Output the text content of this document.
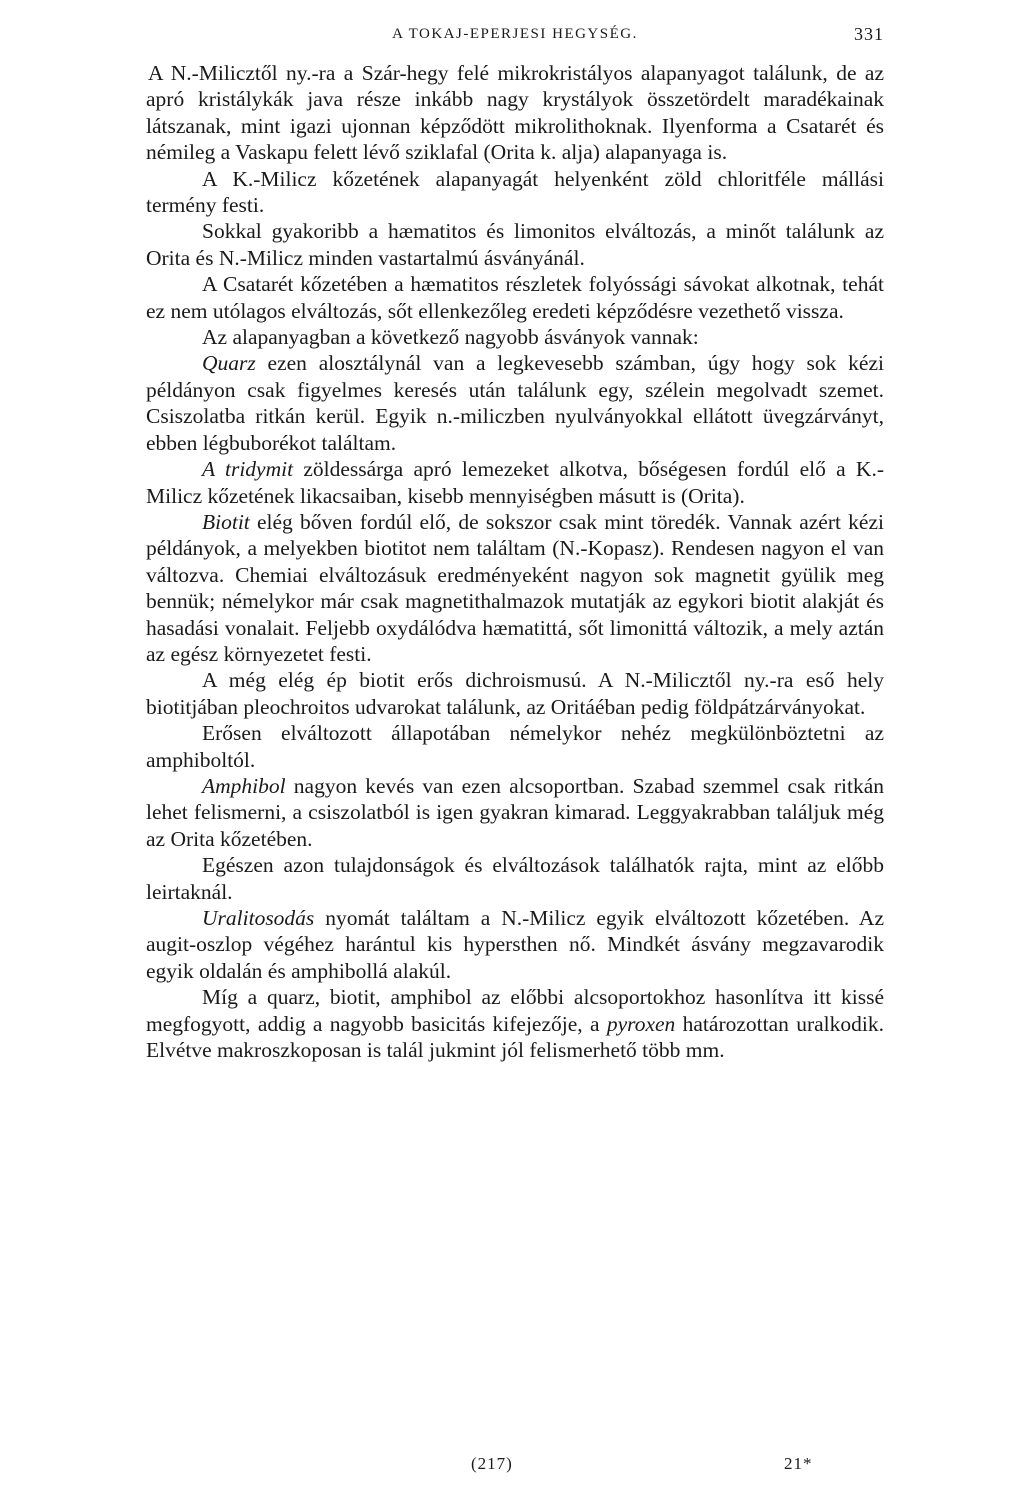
A TOKAJ-EPERJESI HEGYSÉG.	331

A N.-Milicztől ny.-ra a Szár-hegy felé mikrokristályos alapanyagot találunk, de az apró kristálykák java része inkább nagy krystályok összetördelt maradékainak látszanak, mint igazi ujonnan képződött mikrolithoknak. Ilyenforma a Csatarét és némileg a Vaskapu felett lévő sziklafal (Orita k. alja) alapanyaga is.

A K.-Milicz kőzetének alapanyagát helyenként zöld chloritféle mállási termény festi.

Sokkal gyakoribb a hæmatitos és limonitos elváltozás, a minőt találunk az Orita és N.-Milicz minden vastartalmú ásványánál.

A Csatarét kőzetében a hæmatitos részletek folyóssági sávokat alkotnak, tehát ez nem utólagos elváltozás, sőt ellenkezőleg eredeti képződésre vezethető vissza.

Az alapanyagban a következő nagyobb ásványok vannak:

Quarz ezen alosztálynál van a legkevesebb számban, úgy hogy sok kézi példányon csak figyelmes keresés után találunk egy, szélein megolvadt szemet. Csiszolatba ritkán kerül. Egyik n.-miliczben nyulványokkal ellátott üvegzárványt, ebben légbuborékot találtam.

A tridymit zöldessárga apró lemezeket alkotva, bőségesen fordúl elő a K.-Milicz kőzetének likacsaiban, kisebb mennyiségben másutt is (Orita).

Biotit elég bőven fordúl elő, de sokszor csak mint töredék. Vannak azért kézi példányok, a melyekben biotitot nem találtam (N.-Kopasz). Rendesen nagyon el van változva. Chemiai elváltozásuk eredményeként nagyon sok magnetit gyülik meg bennük; némelykor már csak magnetithalmazok mutatják az egykori biotit alakját és hasadási vonalait. Feljebb oxydálódva hæmatittá, sőt limonittá változik, a mely aztán az egész környezetet festi.

A még elég ép biotit erős dichroismusú. A N.-Milicztől ny.-ra eső hely biotitjában pleochroitos udvarokat találunk, az Oritáéban pedig földpátzárványokat.

Erősen elváltozott állapotában némelykor nehéz megkülönböztetni az amphiboltól.

Amphibol nagyon kevés van ezen alcsoportban. Szabad szemmel csak ritkán lehet felismerni, a csiszolatból is igen gyakran kimarad. Leggyakrabban találjuk még az Orita kőzetében.

Egészen azon tulajdonságok és elváltozások találhatók rajta, mint az előbb leirtaknál.

Uralitosodás nyomát találtam a N.-Milicz egyik elváltozott kőzetében. Az augit-oszlop végéhez harántul kis hypersthen nő. Mindkét ásvány megzavarodik egyik oldalán és amphibollá alakúl.

Míg a quarz, biotit, amphibol az előbbi alcsoportokhoz hasonlítva itt kissé megfogyott, addig a nagyobb basicitás kifejezője, a pyroxen határozottan uralkodik. Elvétve makroszkoposan is talál jukmint jól felismerhető több mm.

(217)	21*
